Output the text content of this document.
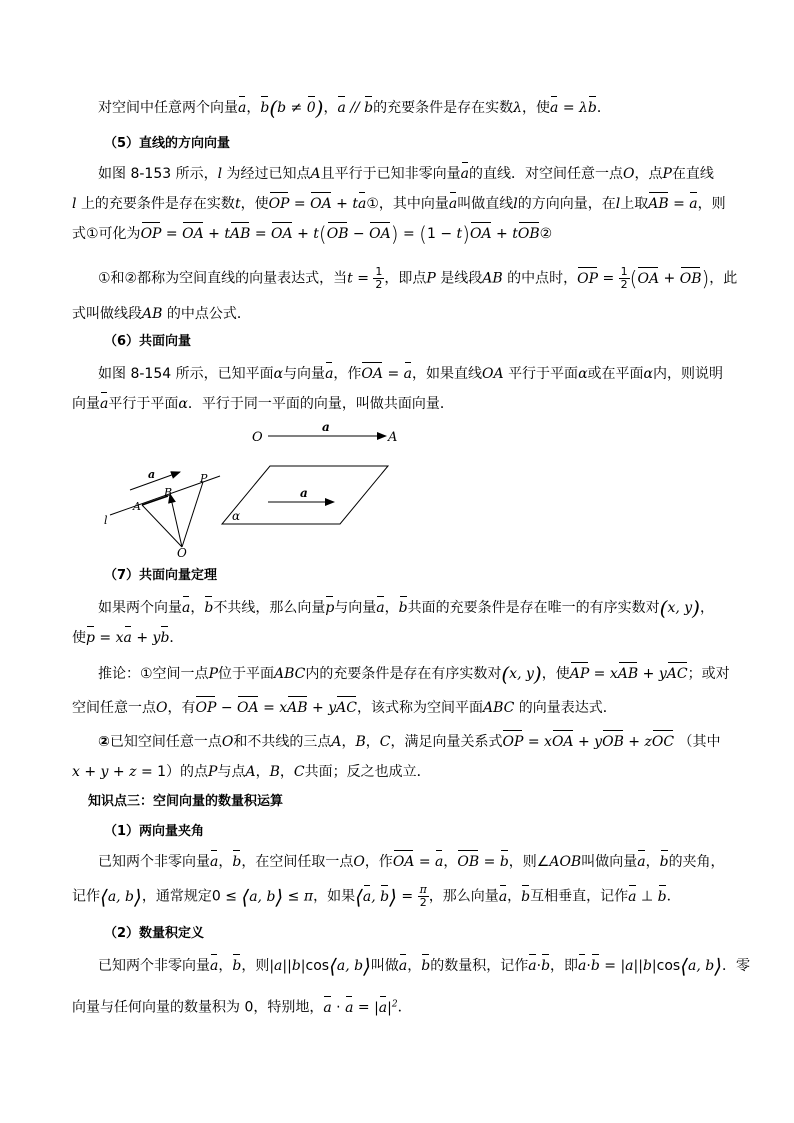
对空间中任意两个向量a，b(b ≠ 0)，a // b的充要条件是存在实数λ，使a = λb．
（5）直线的方向向量
如图 8-153 所示，l 为经过已知点A且平行于已知非零向量a的直线．对空间任意一点O，点P在直线
l 上的充要条件是存在实数t，使OP = OA + ta①，其中向量a叫做直线l的方向向量，在l上取AB = a，则
式①可化为OP = OA + tAB = OA + t(OB − OA) = (1 − t)OA + tOB②
①和②都称为空间直线的向量表达式，当$t = \frac{1}{2}$ ，即点P 是线段AB 的中点时，OP = $\frac{1}{2} (OA + OB)$，此
式叫做线段AB 的中点公式．
（6）共面向量
如图 8-154 所示，已知平面α与向量a，作OA = a，如果直线OA 平行于平面α或在平面α内，则说明
向量a平行于平面α．平行于同一平面的向量，叫做共面向量．
O
a
A
a
A
B
P
l
O
a
α
（7）共面向量定理
如果两个向量a，b不共线，那么向量p与向量a，b共面的充要条件是存在唯一的有序实数对(x, y)，
使p = xa + yb．
推论：①空间一点P位于平面ABC内的充要条件是存在有序实数对(x, y)，使AP = xAB + yAC；或对
空间任意一点O，有OP − OA = xAB + yAC，该式称为空间平面ABC 的向量表达式．
②已知空间任意一点O和不共线的三点A，B，C，满足向量关系式OP = xOA + yOB + zOC （其中
x + y + z = 1）的点P与点A，B，C共面；反之也成立．
知识点三：空间向量的数量积运算
（1）两向量夹角
已知两个非零向量a，b，在空间任取一点O，作OA = a，OB = b，则∠AOB叫做向量a，b的夹角，
记作⟨a, b⟩，通常规定0 ≤ ⟨a, b⟩ ≤ π，如果⟨a, b⟩ = $\frac{\pi}{2}$ ，那么向量a，b互相垂直，记作a ⊥ b．
（2）数量积定义
已知两个非零向量a，b，则|a||b|cos⟨a, b⟩叫做a，b的数量积，记作a·b，即a·b = |a||b|cos⟨a, b⟩．零
向量与任何向量的数量积为 0，特别地，$a \cdot a = |a|^2$．
